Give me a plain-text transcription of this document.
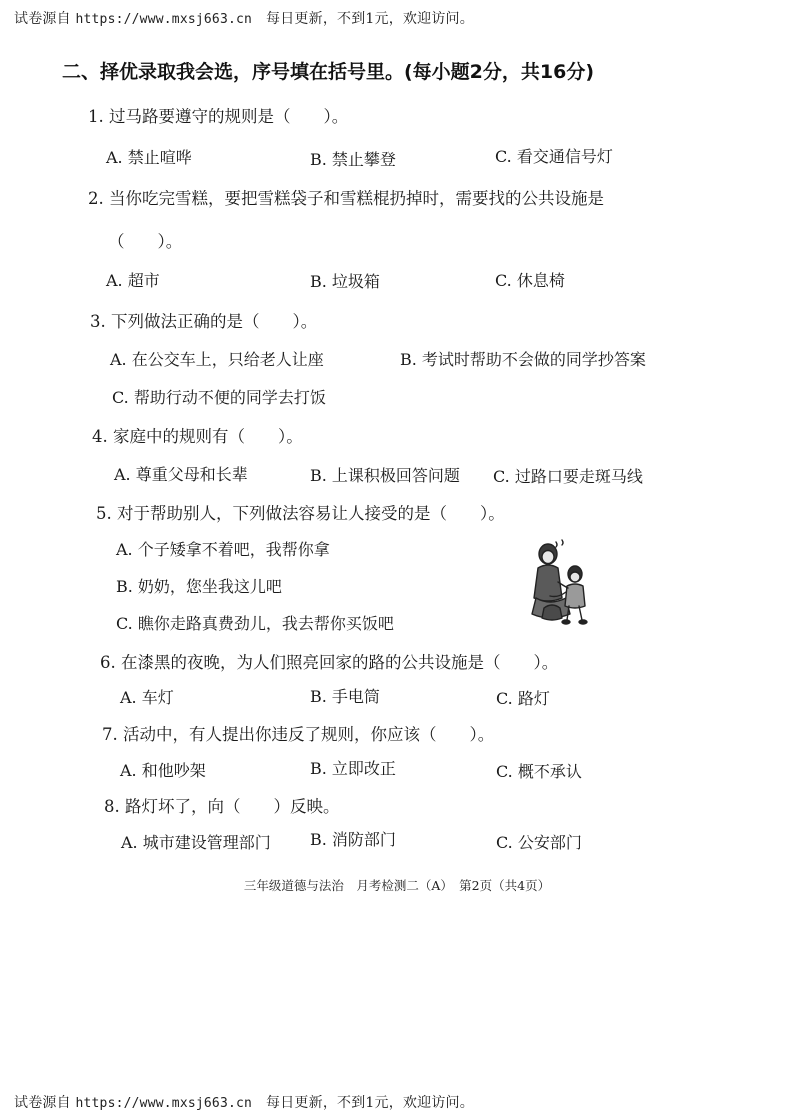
试卷源自 https://www.mxsj663.cn 每日更新，不到1元，欢迎访问。
二、择优录取我会选，序号填在括号里。(每小题2分，共16分)
1. 过马路要遵守的规则是（　　）。
A. 禁止喧哗	B. 禁止攀登	C. 看交通信号灯
2. 当你吃完雪糕，要把雪糕袋子和雪糕棍扔掉时，需要找的公共设施是
（　　）。
A. 超市	B. 垃圾箱	C. 休息椅
3. 下列做法正确的是（　　）。
A. 在公交车上，只给老人让座	B. 考试时帮助不会做的同学抄答案
C. 帮助行动不便的同学去打饭
4. 家庭中的规则有（　　）。
A. 尊重父母和长辈	B. 上课积极回答问题 C. 过路口要走斑马线
5. 对于帮助别人，下列做法容易让人接受的是（　　）。
A. 个子矮拿不着吧，我帮你拿
B. 奶奶，您坐我这儿吧
C. 瞧你走路真费劲儿，我去帮你买饭吧
6. 在漆黑的夜晚，为人们照亮回家的路的公共设施是（　　）。
A. 车灯	B. 手电筒	C. 路灯
7. 活动中，有人提出你违反了规则，你应该（　　）。
A. 和他吵架	B. 立即改正	C. 概不承认
8. 路灯坏了，向（　　）反映。
A. 城市建设管理部门 B. 消防部门	C. 公安部门
三年级道德与法治　月考检测二（A）　第2页（共4页）
试卷源自 https://www.mxsj663.cn 每日更新，不到1元，欢迎访问。
